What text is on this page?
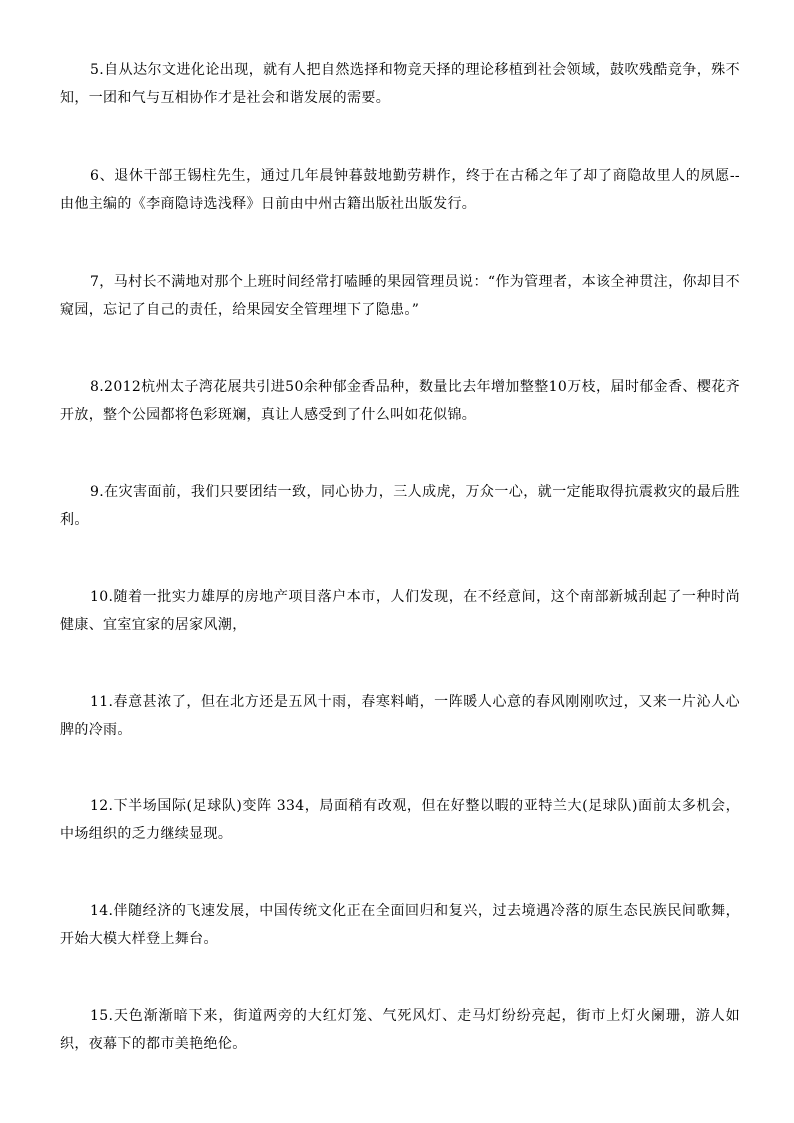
5.自从达尔文进化论出现，就有人把自然选择和物竞天择的理论移植到社会领域，鼓吹残酷竞争，殊不知，一团和气与互相协作才是社会和谐发展的需要。

6、退休干部王锡柱先生，通过几年晨钟暮鼓地勤劳耕作，终于在古稀之年了却了商隐故里人的夙愿--由他主编的《李商隐诗选浅释》日前由中州古籍出版社出版发行。

7，马村长不满地对那个上班时间经常打嗑睡的果园管理员说：“作为管理者，本该全神贯注，你却目不窥园，忘记了自己的责任，给果园安全管理埋下了隐患。”

8.2012杭州太子湾花展共引进50余种郁金香品种，数量比去年增加整整10万枝，届时郁金香、樱花齐开放，整个公园都将色彩斑斓，真让人感受到了什么叫如花似锦。

9.在灾害面前，我们只要团结一致，同心协力，三人成虎，万众一心，就一定能取得抗震救灾的最后胜利。

10.随着一批实力雄厚的房地产项目落户本市，人们发现，在不经意间，这个南部新城刮起了一种时尚健康、宜室宜家的居家风潮，

11.春意甚浓了，但在北方还是五风十雨，春寒料峭，一阵暖人心意的春风刚刚吹过，又来一片沁人心脾的冷雨。

12.下半场国际(足球队)变阵 334，局面稍有改观，但在好整以暇的亚特兰大(足球队)面前太多机会，中场组织的乏力继续显现。

14.伴随经济的飞速发展，中国传统文化正在全面回归和复兴，过去境遇冷落的原生态民族民间歌舞，开始大模大样登上舞台。

15.天色渐渐暗下来，街道两旁的大红灯笼、气死风灯、走马灯纷纷亮起，街市上灯火阑珊，游人如织，夜幕下的都市美艳绝伦。
